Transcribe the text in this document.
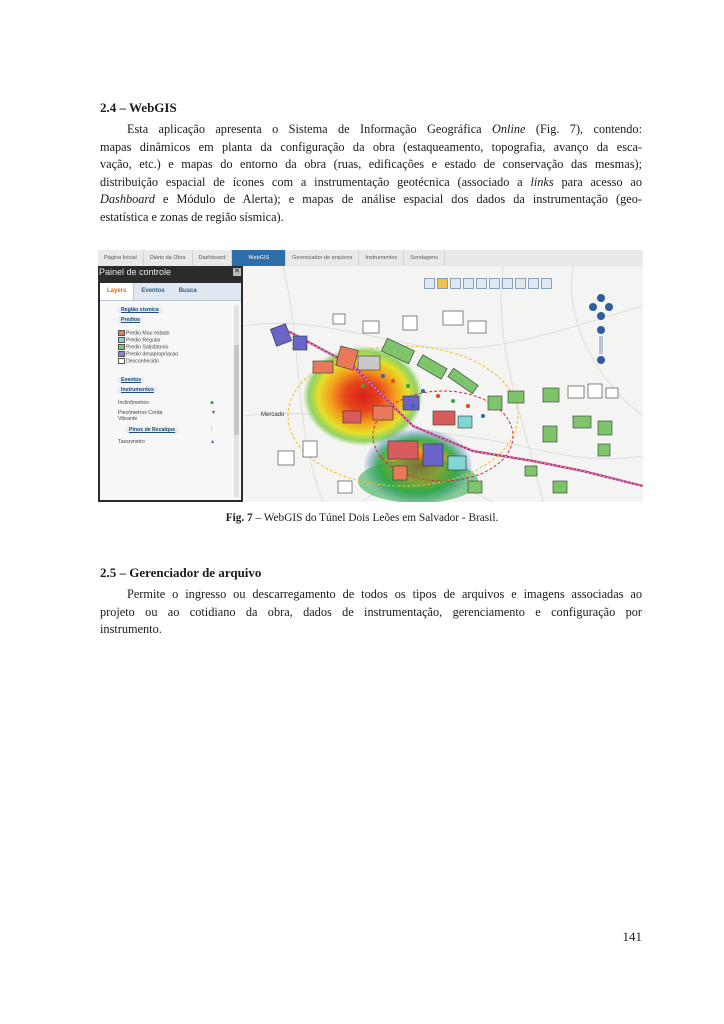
2.4 – WebGIS
Esta aplicação apresenta o Sistema de Informação Geográfica Online (Fig. 7), contendo:
mapas dinâmicos em planta da configuração da obra (estaqueamento, topografia, avanço da esca-
vação, etc.) e mapas do entorno da obra (ruas, edificações e estado de conservação das mesmas);
distribuição espacial de ícones com a instrumentação geotécnica (associado a links para acesso ao
Dashboard e Módulo de Alerta); e mapas de análise espacial dos dados da instrumentação (geo-
estatística e zonas de região sísmica).
Página Inicial	Diário da Obra	Dashboard	WebGIS	Gerenciador de arquivos	Instrumentos	Sondagens
Painel de controle	✕
Layers	Eventos	Busca
Região sísmica
Predios
Predio Mau estado
Predio Regular
Predio Satisfatorio
Predio desapropriacao
Desconhecido
Eventos
Instrumentos
Inclinômetros
Piezômetros Corda Vibrante
Pinos de Recalque
Tassometro
◆
▼
!
▲
Mercado
Fig. 7 – WebGIS do Túnel Dois Leões em Salvador - Brasil.
2.5 – Gerenciador de arquivo
Permite o ingresso ou descarregamento de todos os tipos de arquivos e imagens associadas ao
projeto ou ao cotidiano da obra, dados de instrumentação, gerenciamento e configuração por
instrumento.
141
